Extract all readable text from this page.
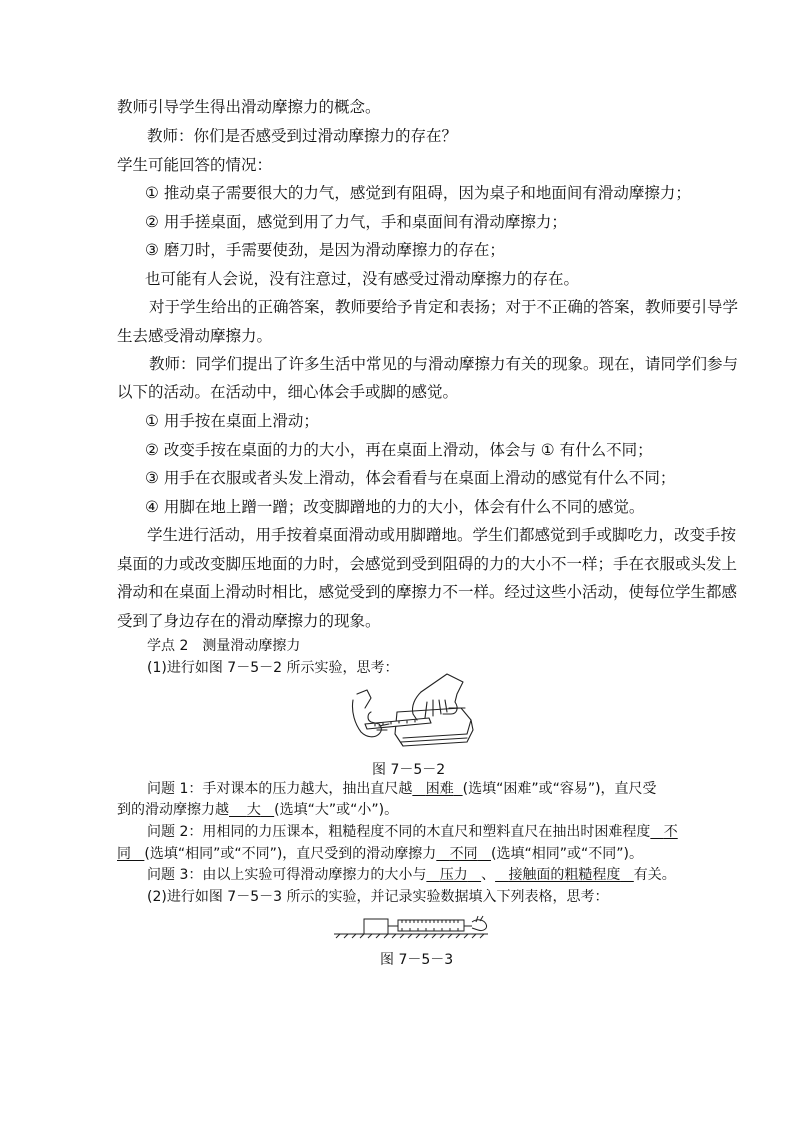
教师引导学生得出滑动摩擦力的概念。
教师：你们是否感受到过滑动摩擦力的存在？
学生可能回答的情况：
① 推动桌子需要很大的力气，感觉到有阻碍，因为桌子和地面间有滑动摩擦力；
② 用手搓桌面，感觉到用了力气，手和桌面间有滑动摩擦力；
③ 磨刀时，手需要使劲，是因为滑动摩擦力的存在；
也可能有人会说，没有注意过，没有感受过滑动摩擦力的存在。
对于学生给出的正确答案，教师要给予肯定和表扬；对于不正确的答案，教师要引导学
生去感受滑动摩擦力。
教师：同学们提出了许多生活中常见的与滑动摩擦力有关的现象。现在，请同学们参与
以下的活动。在活动中，细心体会手或脚的感觉。
① 用手按在桌面上滑动；
② 改变手按在桌面的力的大小，再在桌面上滑动，体会与 ① 有什么不同；
③ 用手在衣服或者头发上滑动，体会看看与在桌面上滑动的感觉有什么不同；
④ 用脚在地上蹭一蹭；改变脚蹭地的力的大小，体会有什么不同的感觉。
学生进行活动，用手按着桌面滑动或用脚蹭地。学生们都感觉到手或脚吃力，改变手按
桌面的力或改变脚压地面的力时，会感觉到受到阻碍的力的大小不一样；手在衣服或头发上
滑动和在桌面上滑动时相比，感觉受到的摩擦力不一样。经过这些小活动，使每位学生都感
受到了身边存在的滑动摩擦力的现象。
学点 2　测量滑动摩擦力
(1)进行如图 7－5－2 所示实验，思考：
图 7－5－2
问题 1：手对课本的压力越大，抽出直尺越 困难 (选填“困难”或“容易”)，直尺受
到的滑动摩擦力越 大 (选填“大”或“小”)。
问题 2：用相同的力压课本，粗糙程度不同的木直尺和塑料直尺在抽出时困难程度 不
同 (选填“相同”或“不同”)，直尺受到的滑动摩擦力 不同 (选填“相同”或“不同”)。
问题 3：由以上实验可得滑动摩擦力的大小与 压力 、 接触面的粗糙程度 有关。
(2)进行如图 7－5－3 所示的实验，并记录实验数据填入下列表格，思考：
图 7－5－3
